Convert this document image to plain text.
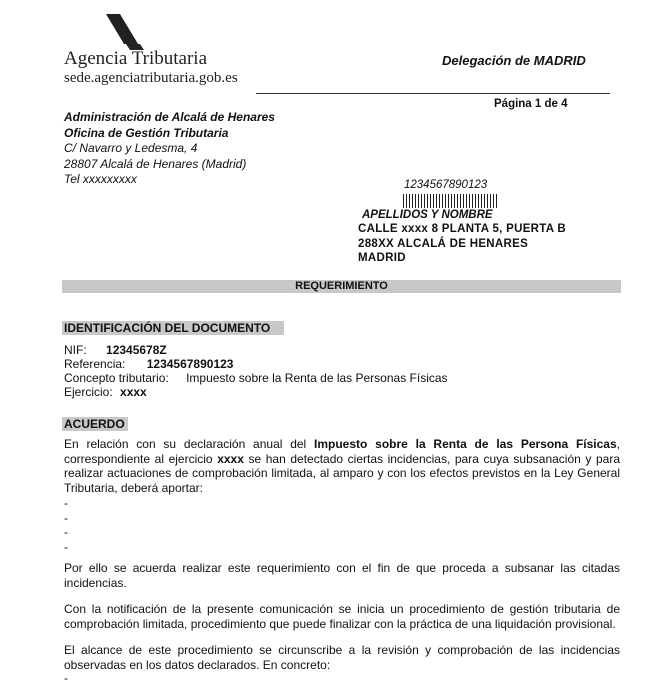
Agencia Tributaria
sede.agenciatributaria.gob.es
Delegación de MADRID
Página 1 de 4
Administración de Alcalá de Henares
Oficina de Gestión Tributaria
C/ Navarro y Ledesma, 4
28807 Alcalá de Henares (Madrid)
Tel xxxxxxxxx	12345678901​23
APELLIDOS Y NOMBRE
CALLE xxxx 8 PLANTA 5, PUERTA B
288XX ALCALÁ DE HENARES
MADRID
REQUERIMIENTO
IDENTIFICACIÓN DEL DOCUMENTO
NIF: 12345678Z
Referencia: 12345678901​23
Concepto tributario: Impuesto sobre la Renta de las Personas Físicas
Ejercicio: xxxx
ACUERDO
En relación con su declaración anual del Impuesto sobre la Renta de las Persona Físicas, correspondiente al ejercicio xxxx se han detectado ciertas incidencias, para cuya subsanación y para realizar actuaciones de comprobación limitada, al amparo y con los efectos previstos en la Ley General Tributaria, deberá aportar:
-
-
-
-
Por ello se acuerda realizar este requerimiento con el fin de que proceda a subsanar las citadas incidencias.
Con la notificación de la presente comunicación se inicia un procedimiento de gestión tributaria de comprobación limitada, procedimiento que puede finalizar con la práctica de una liquidación provisional.
El alcance de este procedimiento se circunscribe a la revisión y comprobación de las incidencias observadas en los datos declarados. En concreto:
-
